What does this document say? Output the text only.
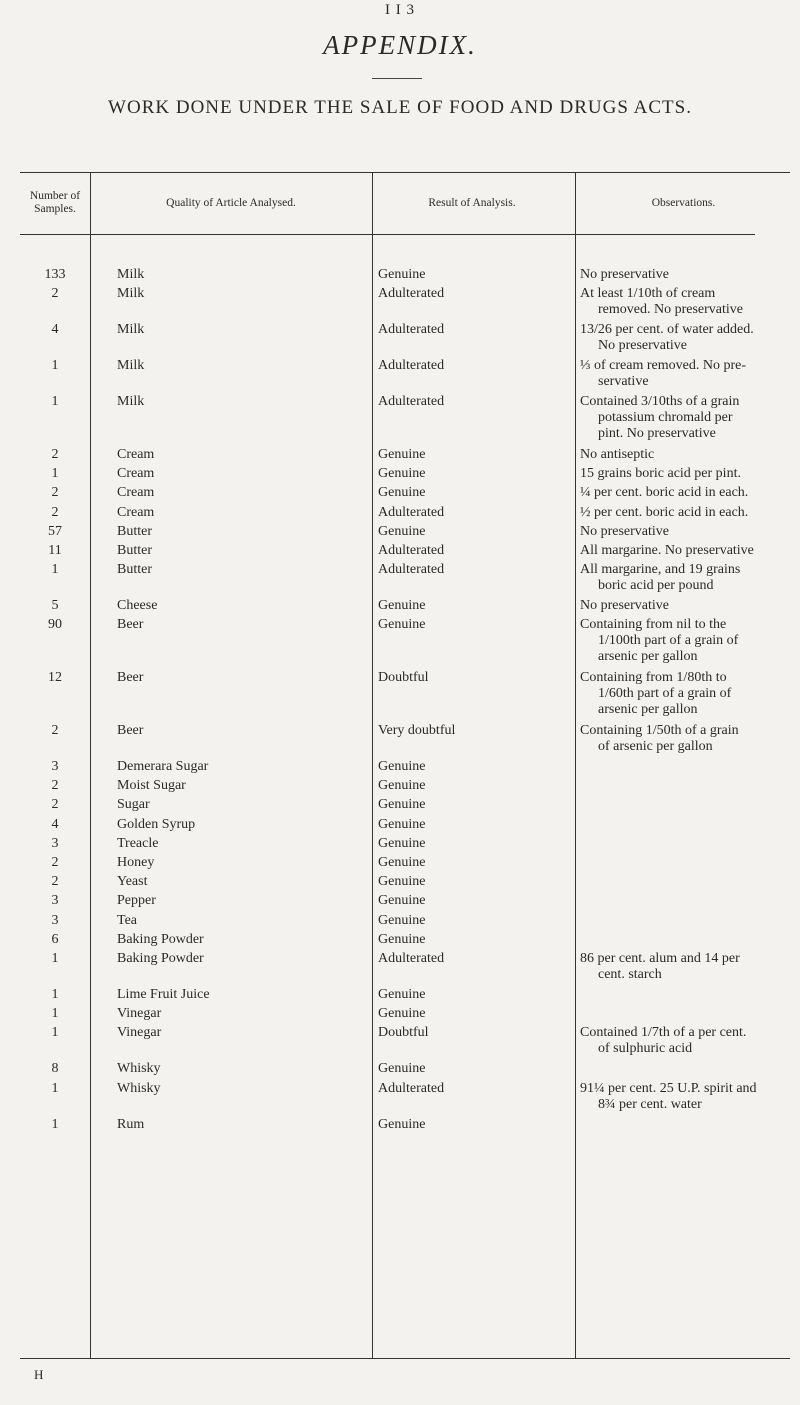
I I 3
APPENDIX.
WORK DONE UNDER THE SALE OF FOOD AND DRUGS ACTS.
Number of Samples.
Quality of Article Analysed.	Result of Analysis.	Observations.
133	Milk	Genuine	No preservative
2	Milk	Adulterated	At least 1/10th of cream
removed. No preservative
4	Milk	Adulterated	13/26 per cent. of water added.
No preservative
1	Milk	Adulterated	⅓ of cream removed. No pre-
servative
1	Milk	Adulterated	Contained 3/10ths of a grain
potassium chromald per
pint. No preservative
2	Cream	Genuine	No antiseptic
1	Cream	Genuine	15 grains boric acid per pint.
2	Cream	Genuine	¼ per cent. boric acid in each.
2	Cream	Adulterated	½ per cent. boric acid in each.
57	Butter	Genuine	No preservative
11	Butter	Adulterated	All margarine. No preservative
1	Butter	Adulterated	All margarine, and 19 grains
boric acid per pound
5	Cheese	Genuine	No preservative
90	Beer	Genuine	Containing from nil to the
1/100th part of a grain of
arsenic per gallon
12	Beer	Doubtful	Containing from 1/80th to
1/60th part of a grain of
arsenic per gallon
2	Beer	Very doubtful	Containing 1/50th of a grain
of arsenic per gallon
3	Demerara Sugar	Genuine
2	Moist Sugar	Genuine
2	Sugar	Genuine
4	Golden Syrup	Genuine
3	Treacle	Genuine
2	Honey	Genuine
2	Yeast	Genuine
3	Pepper	Genuine
3	Tea	Genuine
6	Baking Powder	Genuine
1	Baking Powder	Adulterated	86 per cent. alum and 14 per
cent. starch
1	Lime Fruit Juice	Genuine
1	Vinegar	Genuine
1	Vinegar	Doubtful	Contained 1/7th of a per cent.
of sulphuric acid
8	Whisky	Genuine
1	Whisky	Adulterated	91¼ per cent. 25 U.P. spirit and
8¾ per cent. water
1	Rum	Genuine
H
